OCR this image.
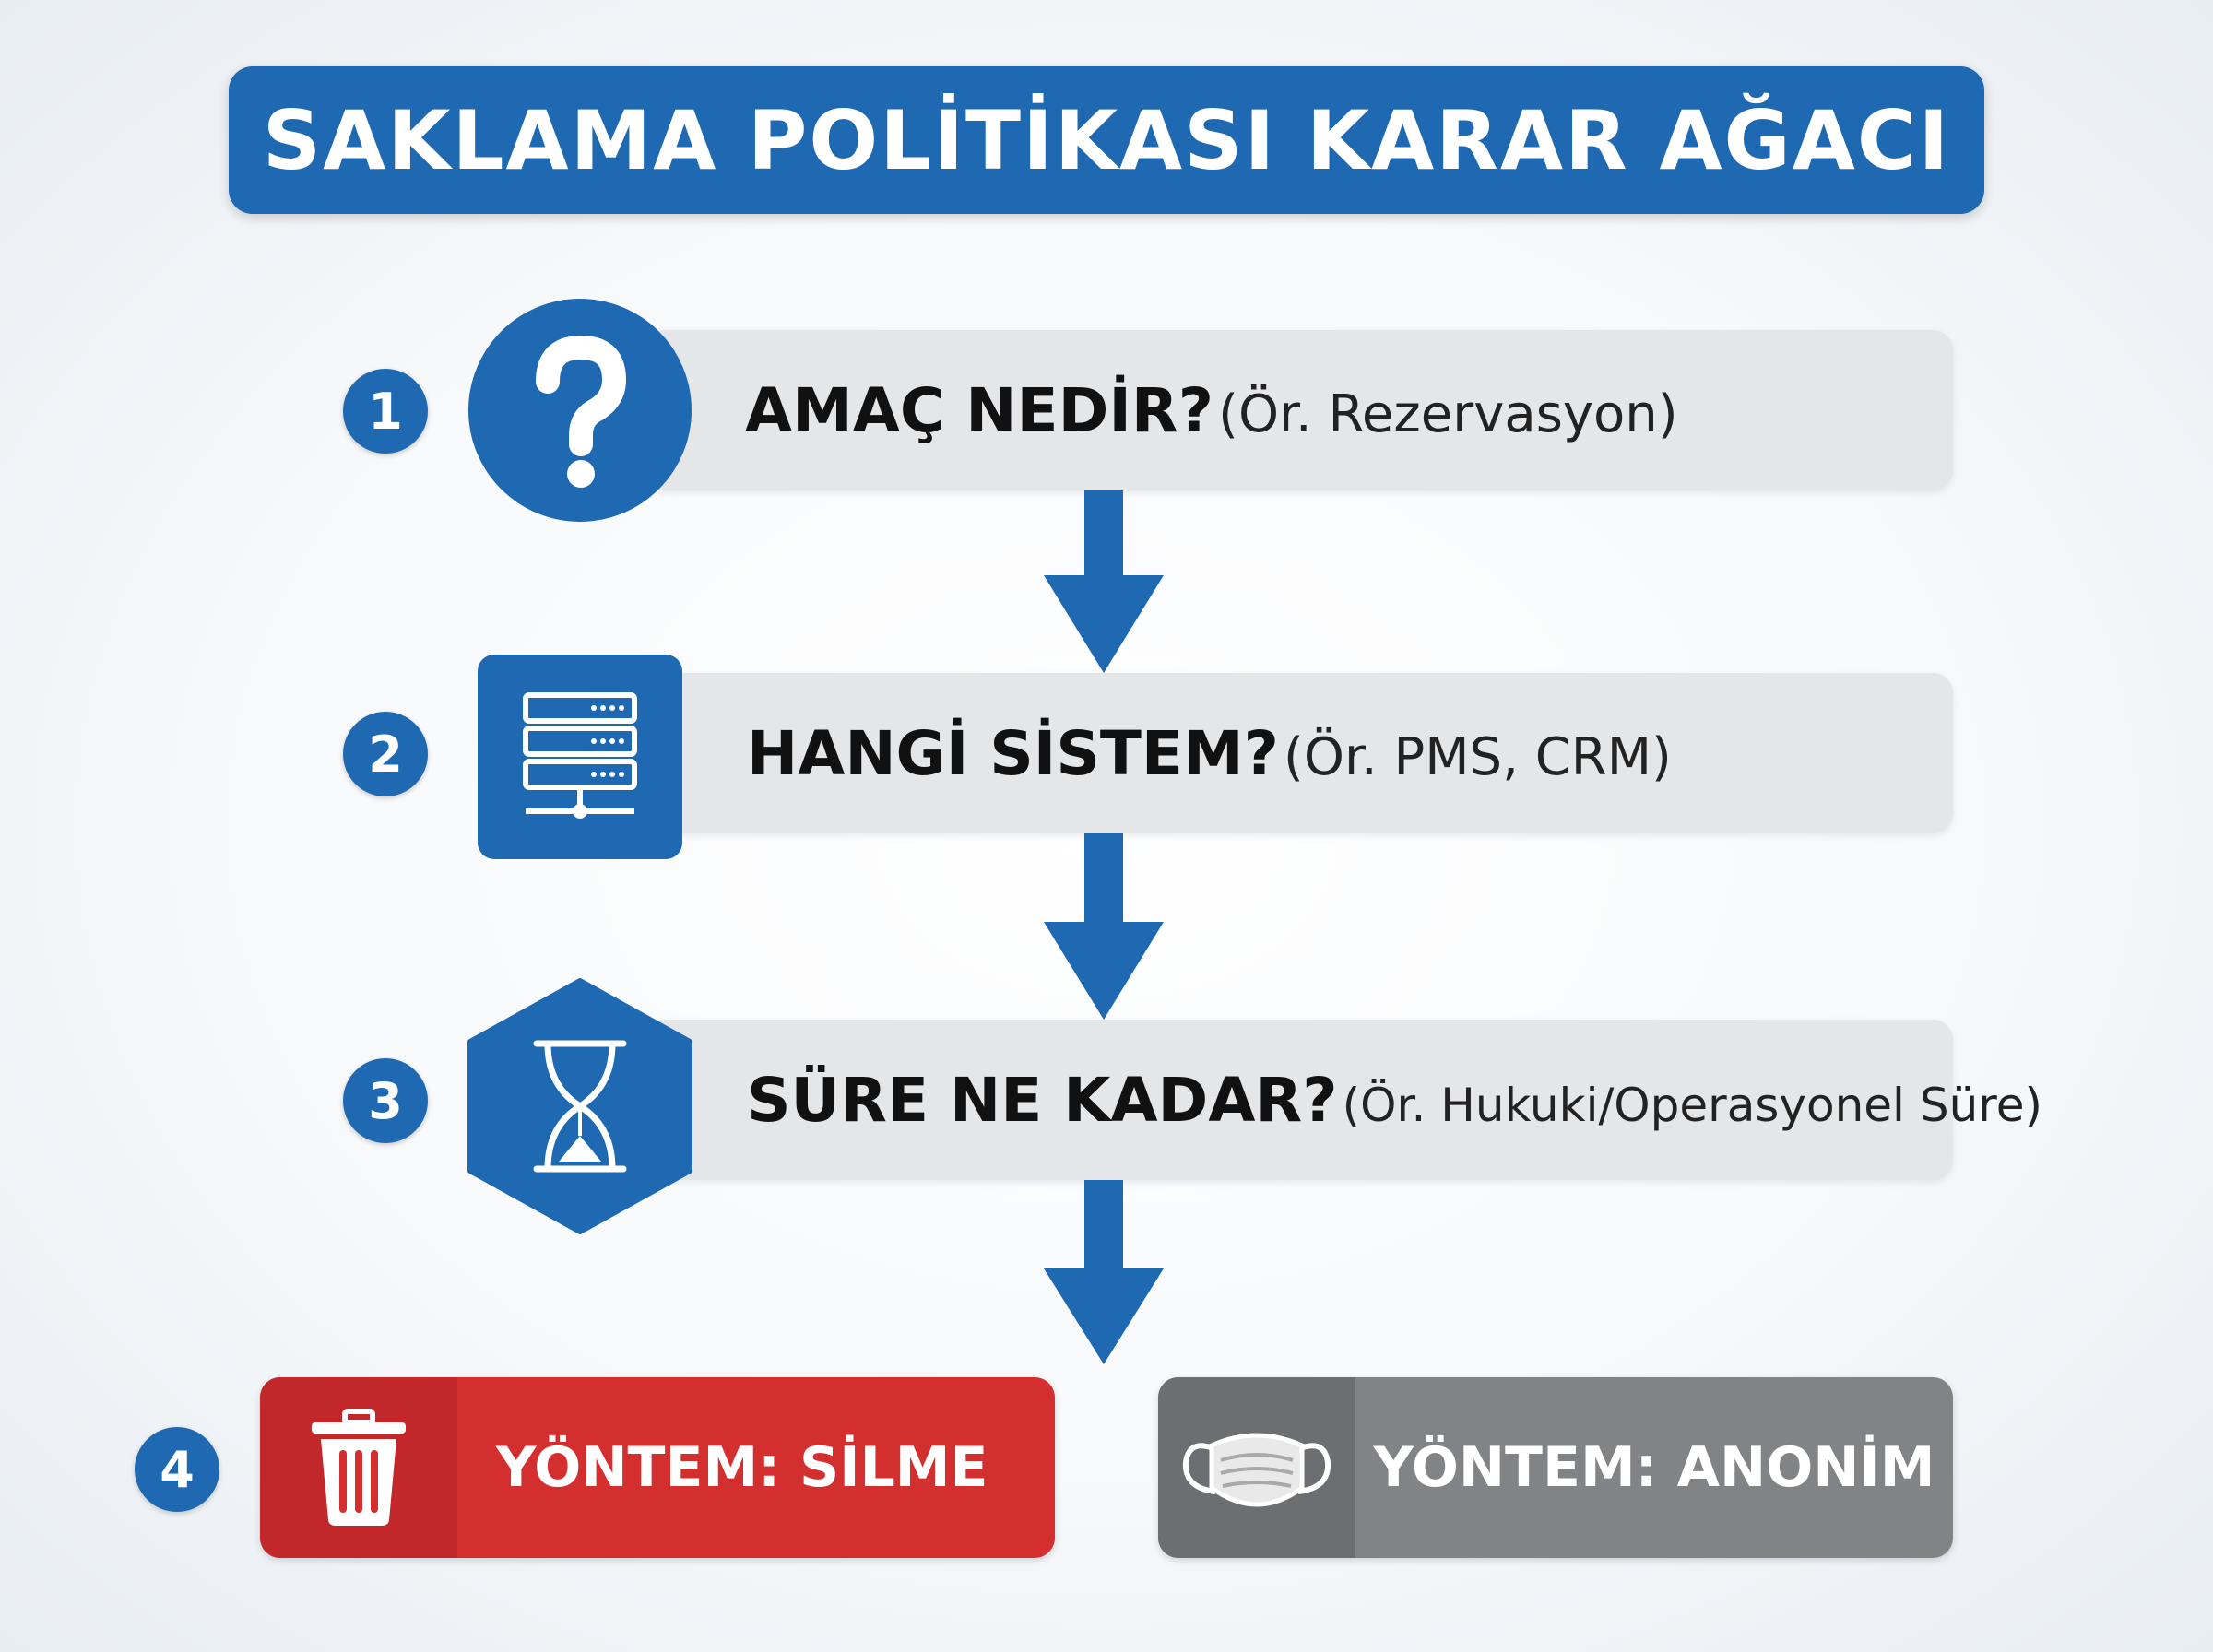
SAKLAMA POLİTİKASI KARAR AĞACI
1	AMAÇ NEDİR? (Ör. Rezervasyon)
2	HANGİ SİSTEM? (Ör. PMS, CRM)
3	SÜRE NE KADAR? (Ör. Hukuki/Operasyonel Süre)
4	YÖNTEM: SİLME	YÖNTEM: ANONİM
